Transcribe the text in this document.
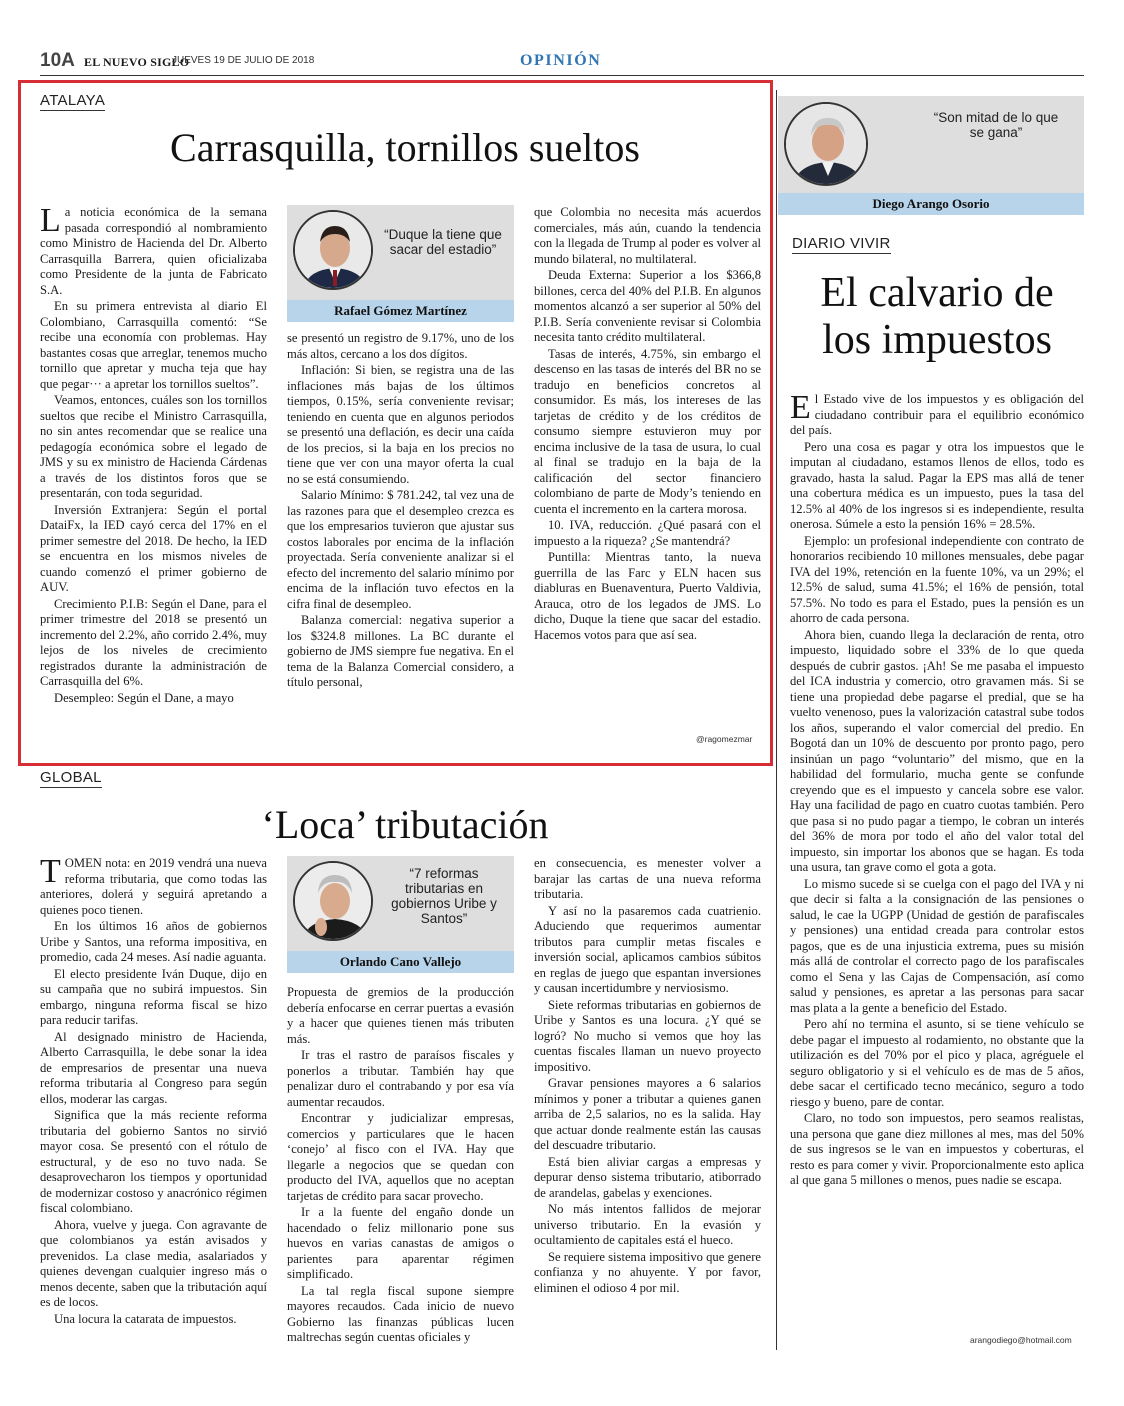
10A EL NUEVO SIGLO
JUEVES 19 DE JULIO DE 2018	OPINIÓN
ATALAYA
Carrasquilla, tornillos sueltos

La noticia económica de la semana pasada correspondió al nombramiento como Ministro de Hacienda del Dr. Alberto Carrasquilla Barrera, quien oficializaba como Presidente de la junta de Fabricato S.A.

En su primera entrevista al diario El Colombiano, Carrasquilla comentó: “Se recibe una economía con problemas. Hay bastantes cosas que arreglar, tenemos mucho tornillo que apretar y mucha teja que hay que pegar··· a apretar los tornillos sueltos”.

Veamos, entonces, cuáles son los tornillos sueltos que recibe el Ministro Carrasquilla, no sin antes recomendar que se realice una pedagogía económica sobre el legado de JMS y su ex ministro de Hacienda Cárdenas a través de los distintos foros que se presentarán, con toda seguridad.

Inversión Extranjera: Según el portal DataiFx, la IED cayó cerca del 17% en el primer semestre del 2018. De hecho, la IED se encuentra en los mismos niveles de cuando comenzó el primer gobierno de AUV.

Crecimiento P.I.B: Según el Dane, para el primer trimestre del 2018 se presentó un incremento del 2.2%, año corrido 2.4%, muy lejos de los niveles de crecimiento registrados durante la administración de Carrasquilla del 6%.

Desempleo: Según el Dane, a mayo

“Duque la tiene que sacar del estadio”
Rafael Gómez Martínez

se presentó un registro de 9.17%, uno de los más altos, cercano a los dos dígitos.

Inflación: Si bien, se registra una de las inflaciones más bajas de los últimos tiempos, 0.15%, sería conveniente revisar; teniendo en cuenta que en algunos periodos se presentó una deflación, es decir una caída de los precios, si la baja en los precios no tiene que ver con una mayor oferta la cual no se está consumiendo.

Salario Mínimo: $ 781.242, tal vez una de las razones para que el desempleo crezca es que los empresarios tuvieron que ajustar sus costos laborales por encima de la inflación proyectada. Sería conveniente analizar si el efecto del incremento del salario mínimo por encima de la inflación tuvo efectos en la cifra final de desempleo.

Balanza comercial: negativa superior a los $324.8 millones. La BC durante el gobierno de JMS siempre fue negativa. En el tema de la Balanza Comercial considero, a título personal,

que Colombia no necesita más acuerdos comerciales, más aún, cuando la tendencia con la llegada de Trump al poder es volver al mundo bilateral, no multilateral.

Deuda Externa: Superior a los $366,8 billones, cerca del 40% del P.I.B. En algunos momentos alcanzó a ser superior al 50% del P.I.B. Sería conveniente revisar si Colombia necesita tanto crédito multilateral.

Tasas de interés, 4.75%, sin embargo el descenso en las tasas de interés del BR no se tradujo en beneficios concretos al consumidor. Es más, los intereses de las tarjetas de crédito y de los créditos de consumo siempre estuvieron muy por encima inclusive de la tasa de usura, lo cual al final se tradujo en la baja de la calificación del sector financiero colombiano de parte de Mody’s teniendo en cuenta el incremento en la cartera morosa.

10. IVA, reducción. ¿Qué pasará con el impuesto a la riqueza? ¿Se mantendrá?

Puntilla: Mientras tanto, la nueva guerrilla de las Farc y ELN hacen sus diabluras en Buenaventura, Puerto Valdivia, Arauca, otro de los legados de JMS. Lo dicho, Duque la tiene que sacar del estadio. Hacemos votos para que así sea.

@ragomezmar
GLOBAL
‘Loca’ tributación

TOMEN nota: en 2019 vendrá una nueva reforma tributaria, que como todas las anteriores, dolerá y seguirá apretando a quienes poco tienen.

En los últimos 16 años de gobiernos Uribe y Santos, una reforma impositiva, en promedio, cada 24 meses. Así nadie aguanta.

El electo presidente Iván Duque, dijo en su campaña que no subirá impuestos. Sin embargo, ninguna reforma fiscal se hizo para reducir tarifas.

Al designado ministro de Hacienda, Alberto Carrasquilla, le debe sonar la idea de empresarios de presentar una nueva reforma tributaria al Congreso para según ellos, moderar las cargas.

Significa que la más reciente reforma tributaria del gobierno Santos no sirvió mayor cosa. Se presentó con el rótulo de estructural, y de eso no tuvo nada. Se desaprovecharon los tiempos y oportunidad de modernizar costoso y anacrónico régimen fiscal colombiano.

Ahora, vuelve y juega. Con agravante de que colombianos ya están avisados y prevenidos. La clase media, asalariados y quienes devengan cualquier ingreso más o menos decente, saben que la tributación aquí es de locos.

Una locura la catarata de impuestos.

“7 reformas tributarias en gobiernos Uribe y Santos”
Orlando Cano Vallejo

Propuesta de gremios de la producción debería enfocarse en cerrar puertas a evasión y a hacer que quienes tienen más tributen más.

Ir tras el rastro de paraísos fiscales y ponerlos a tributar. También hay que penalizar duro el contrabando y por esa vía aumentar recaudos.

Encontrar y judicializar empresas, comercios y particulares que le hacen ‘conejo’ al fisco con el IVA. Hay que llegarle a negocios que se quedan con producto del IVA, aquellos que no aceptan tarjetas de crédito para sacar provecho.

Ir a la fuente del engaño donde un hacendado o feliz millonario pone sus huevos en varias canastas de amigos o parientes para aparentar régimen simplificado.

La tal regla fiscal supone siempre mayores recaudos. Cada inicio de nuevo Gobierno las finanzas públicas lucen maltrechas según cuentas oficiales y

en consecuencia, es menester volver a barajar las cartas de una nueva reforma tributaria.

Y así no la pasaremos cada cuatrienio. Aduciendo que requerimos aumentar tributos para cumplir metas fiscales e inversión social, aplicamos cambios súbitos en reglas de juego que espantan inversiones y causan incertidumbre y nerviosismo.

Siete reformas tributarias en gobiernos de Uribe y Santos es una locura. ¿Y qué se logró? No mucho si vemos que hoy las cuentas fiscales llaman un nuevo proyecto impositivo.

Gravar pensiones mayores a 6 salarios mínimos y poner a tributar a quienes ganen arriba de 2,5 salarios, no es la salida. Hay que actuar donde realmente están las causas del descuadre tributario.

Está bien aliviar cargas a empresas y depurar denso sistema tributario, atiborrado de arandelas, gabelas y exenciones.

No más intentos fallidos de mejorar universo tributario. En la evasión y ocultamiento de capitales está el hueco.

Se requiere sistema impositivo que genere confianza y no ahuyente. Y por favor, eliminen el odioso 4 por mil.

“Son mitad de lo que se gana”
Diego Arango Osorio
DIARIO VIVIR
El calvario de
los impuestos

El Estado vive de los impuestos y es obligación del ciudadano contribuir para el equilibrio económico del país.

Pero una cosa es pagar y otra los impuestos que le imputan al ciudadano, estamos llenos de ellos, todo es gravado, hasta la salud. Pagar la EPS mas allá de tener una cobertura médica es un impuesto, pues la tasa del 12.5% al 40% de los ingresos si es independiente, resulta onerosa. Súmele a esto la pensión 16% = 28.5%.

Ejemplo: un profesional independiente con contrato de honorarios recibiendo 10 millones mensuales, debe pagar IVA del 19%, retención en la fuente 10%, va un 29%; el 12.5% de salud, suma 41.5%; el 16% de pensión, total 57.5%. No todo es para el Estado, pues la pensión es un ahorro de cada persona.

Ahora bien, cuando llega la declaración de renta, otro impuesto, liquidado sobre el 33% de lo que queda después de cubrir gastos. ¡Ah! Se me pasaba el impuesto del ICA industria y comercio, otro gravamen más. Si se tiene una propiedad debe pagarse el predial, que se ha vuelto venenoso, pues la valorización catastral sube todos los años, superando el valor comercial del predio. En Bogotá dan un 10% de descuento por pronto pago, pero insinúan un pago “voluntario” del mismo, que en la habilidad del formulario, mucha gente se confunde creyendo que es el impuesto y cancela sobre ese valor. Hay una facilidad de pago en cuatro cuotas también. Pero que pasa si no pudo pagar a tiempo, le cobran un interés del 36% de mora por todo el año del valor total del impuesto, sin importar los abonos que se hagan. Es toda una usura, tan grave como el gota a gota.

Lo mismo sucede si se cuelga con el pago del IVA y ni que decir si falta a la consignación de las pensiones o salud, le cae la UGPP (Unidad de gestión de parafiscales y pensiones) una entidad creada para controlar estos pagos, que es de una injusticia extrema, pues su misión más allá de controlar el correcto pago de los parafiscales como el Sena y las Cajas de Compensación, así como salud y pensiones, es apretar a las personas para sacar mas plata a la gente a beneficio del Estado.

Pero ahí no termina el asunto, si se tiene vehículo se debe pagar el impuesto al rodamiento, no obstante que la utilización es del 70% por el pico y placa, agréguele el seguro obligatorio y si el vehículo es de mas de 5 años, debe sacar el certificado tecno mecánico, seguro a todo riesgo y bueno, pare de contar.

Claro, no todo son impuestos, pero seamos realistas, una persona que gane diez millones al mes, mas del 50% de sus ingresos se le van en impuestos y coberturas, el resto es para comer y vivir. Proporcionalmente esto aplica al que gana 5 millones o menos, pues nadie se escapa.

arangodiego@hotmail.com
